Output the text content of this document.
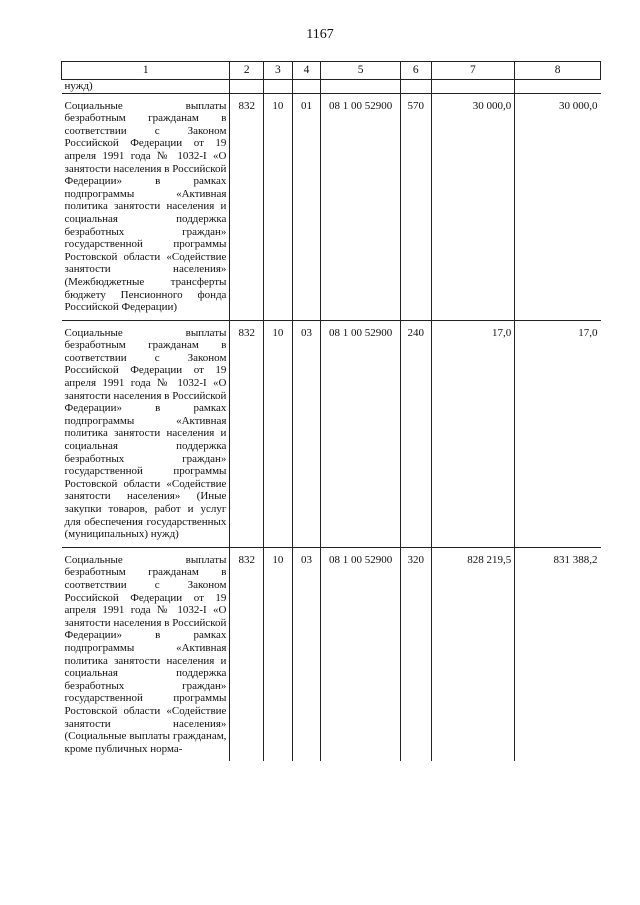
1167
1	2	3	4	5	6	7	8
нужд)							
Социальные выплаты безработным гражданам в соответствии с Законом Российской Федерации от 19 апреля 1991 года № 1032-I «О занятости населения в Российской Федерации» в рамках подпрограммы «Активная политика занятости населения и социальная поддержка безработных граждан» государственной программы Ростовской области «Содействие занятости населения» (Межбюджетные трансферты бюджету Пенсионного фонда Российской Федерации)	832	10	01	08 1 00 52900	570	30 000,0	30 000,0
Социальные выплаты безработным гражданам в соответствии с Законом Российской Федерации от 19 апреля 1991 года № 1032-I «О занятости населения в Российской Федерации» в рамках подпрограммы «Активная политика занятости населения и социальная поддержка безработных граждан» государственной программы Ростовской области «Содействие занятости населения» (Иные закупки товаров, работ и услуг для обеспечения государственных (муниципальных) нужд)	832	10	03	08 1 00 52900	240	17,0	17,0
Социальные выплаты безработным гражданам в соответствии с Законом Российской Федерации от 19 апреля 1991 года № 1032-I «О занятости населения в Российской Федерации» в рамках подпрограммы «Активная политика занятости населения и социальная поддержка безработных граждан» государственной программы Ростовской области «Содействие занятости населения» (Социальные выплаты гражданам, кроме публичных норма-	832	10	03	08 1 00 52900	320	828 219,5	831 388,2
